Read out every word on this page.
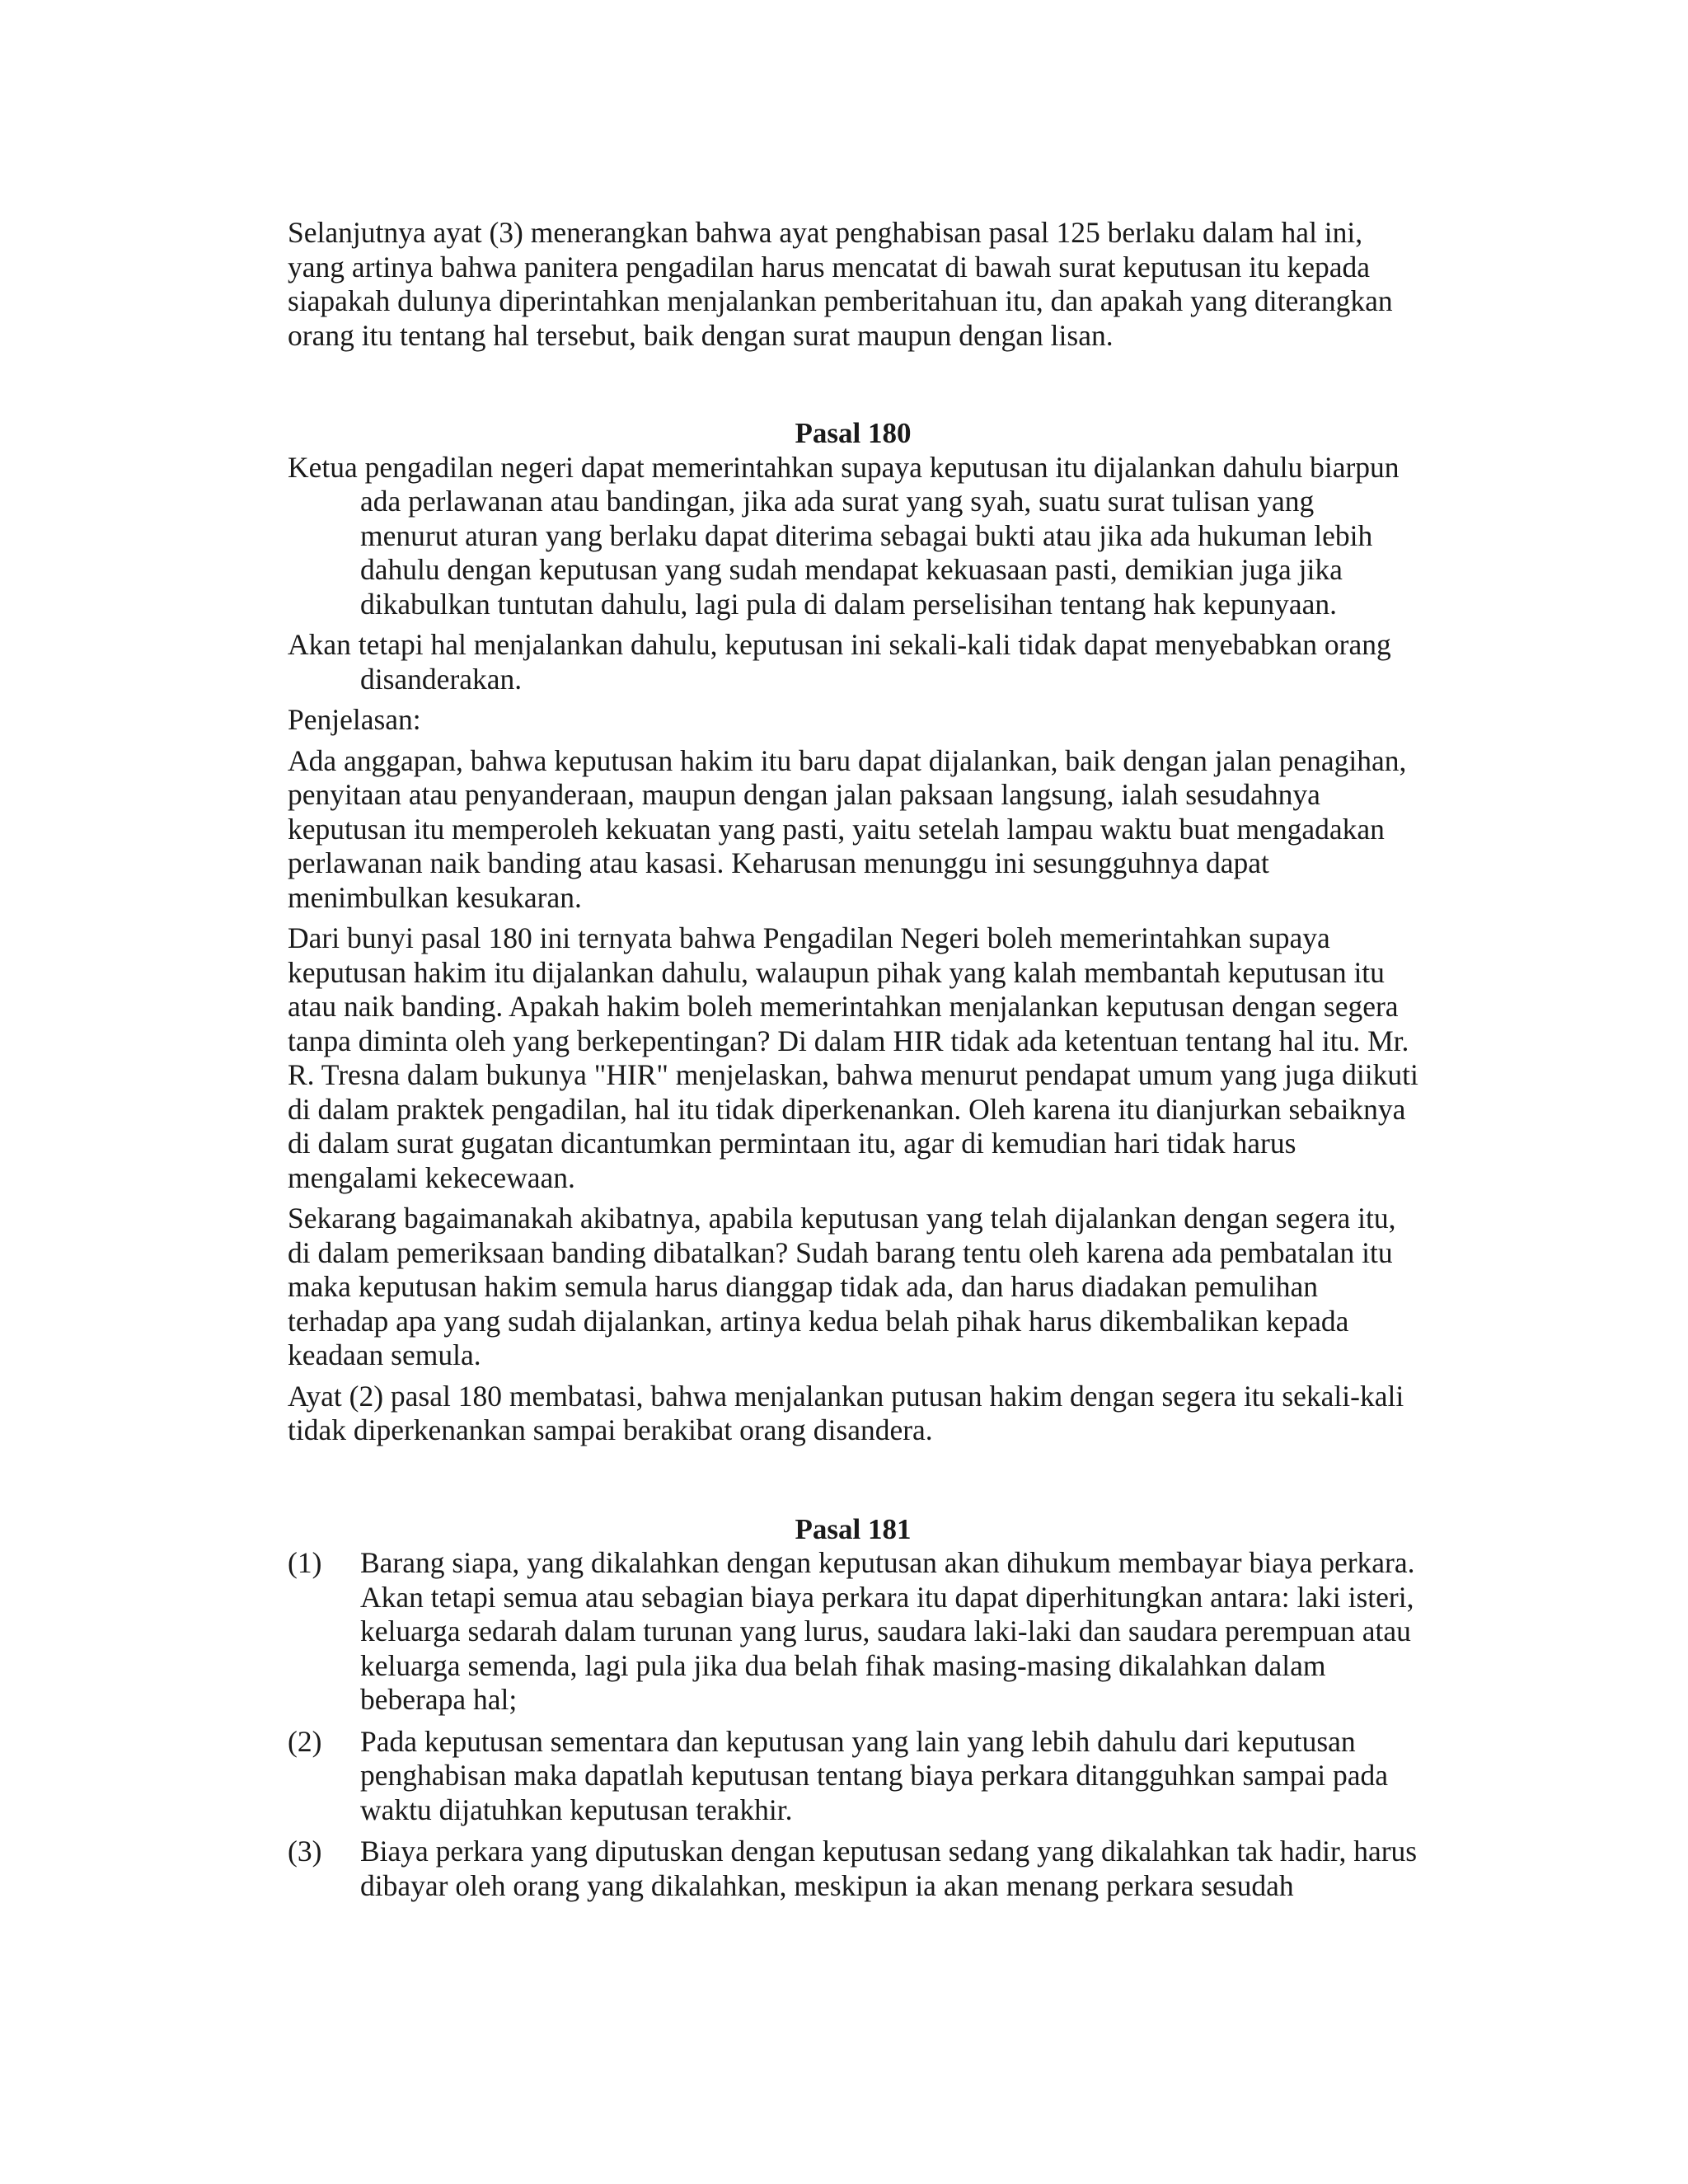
Selanjutnya ayat (3) menerangkan bahwa ayat penghabisan pasal 125 berlaku dalam hal ini, yang artinya bahwa panitera pengadilan harus mencatat di bawah surat keputusan itu kepada siapakah dulunya diperintahkan menjalankan pemberitahuan itu, dan apakah yang diterangkan orang itu tentang hal tersebut, baik dengan surat maupun dengan lisan.

Pasal 180

Ketua pengadilan negeri dapat memerintahkan supaya keputusan itu dijalankan dahulu biarpun ada perlawanan atau bandingan, jika ada surat yang syah, suatu surat tulisan yang menurut aturan yang berlaku dapat diterima sebagai bukti atau jika ada hukuman lebih dahulu dengan keputusan yang sudah mendapat kekuasaan pasti, demikian juga jika dikabulkan tuntutan dahulu, lagi pula di dalam perselisihan tentang hak kepunyaan.

Akan tetapi hal menjalankan dahulu, keputusan ini sekali-kali tidak dapat menyebabkan orang disanderakan.

Penjelasan:

Ada anggapan, bahwa keputusan hakim itu baru dapat dijalankan, baik dengan jalan penagihan, penyitaan atau penyanderaan, maupun dengan jalan paksaan langsung, ialah sesudahnya keputusan itu memperoleh kekuatan yang pasti, yaitu setelah lampau waktu buat mengadakan perlawanan naik banding atau kasasi. Keharusan menunggu ini sesungguhnya dapat menimbulkan kesukaran.

Dari bunyi pasal 180 ini ternyata bahwa Pengadilan Negeri boleh memerintahkan supaya keputusan hakim itu dijalankan dahulu, walaupun pihak yang kalah membantah keputusan itu atau naik banding. Apakah hakim boleh memerintahkan menjalankan keputusan dengan segera tanpa diminta oleh yang berkepentingan? Di dalam HIR tidak ada ketentuan tentang hal itu. Mr. R. Tresna dalam bukunya "HIR" menjelaskan, bahwa menurut pendapat umum yang juga diikuti di dalam praktek pengadilan, hal itu tidak diperkenankan. Oleh karena itu dianjurkan sebaiknya di dalam surat gugatan dicantumkan permintaan itu, agar di kemudian hari tidak harus mengalami kekecewaan.

Sekarang bagaimanakah akibatnya, apabila keputusan yang telah dijalankan dengan segera itu, di dalam pemeriksaan banding dibatalkan? Sudah barang tentu oleh karena ada pembatalan itu maka keputusan hakim semula harus dianggap tidak ada, dan harus diadakan pemulihan terhadap apa yang sudah dijalankan, artinya kedua belah pihak harus dikembalikan kepada keadaan semula.

Ayat (2) pasal 180 membatasi, bahwa menjalankan putusan hakim dengan segera itu sekali-kali tidak diperkenankan sampai berakibat orang disandera.

Pasal 181

(1) Barang siapa, yang dikalahkan dengan keputusan akan dihukum membayar biaya perkara. Akan tetapi semua atau sebagian biaya perkara itu dapat diperhitungkan antara: laki isteri, keluarga sedarah dalam turunan yang lurus, saudara laki-laki dan saudara perempuan atau keluarga semenda, lagi pula jika dua belah fihak masing-masing dikalahkan dalam beberapa hal;
(2) Pada keputusan sementara dan keputusan yang lain yang lebih dahulu dari keputusan penghabisan maka dapatlah keputusan tentang biaya perkara ditangguhkan sampai pada waktu dijatuhkan keputusan terakhir.
(3) Biaya perkara yang diputuskan dengan keputusan sedang yang dikalahkan tak hadir, harus dibayar oleh orang yang dikalahkan, meskipun ia akan menang perkara sesudah
